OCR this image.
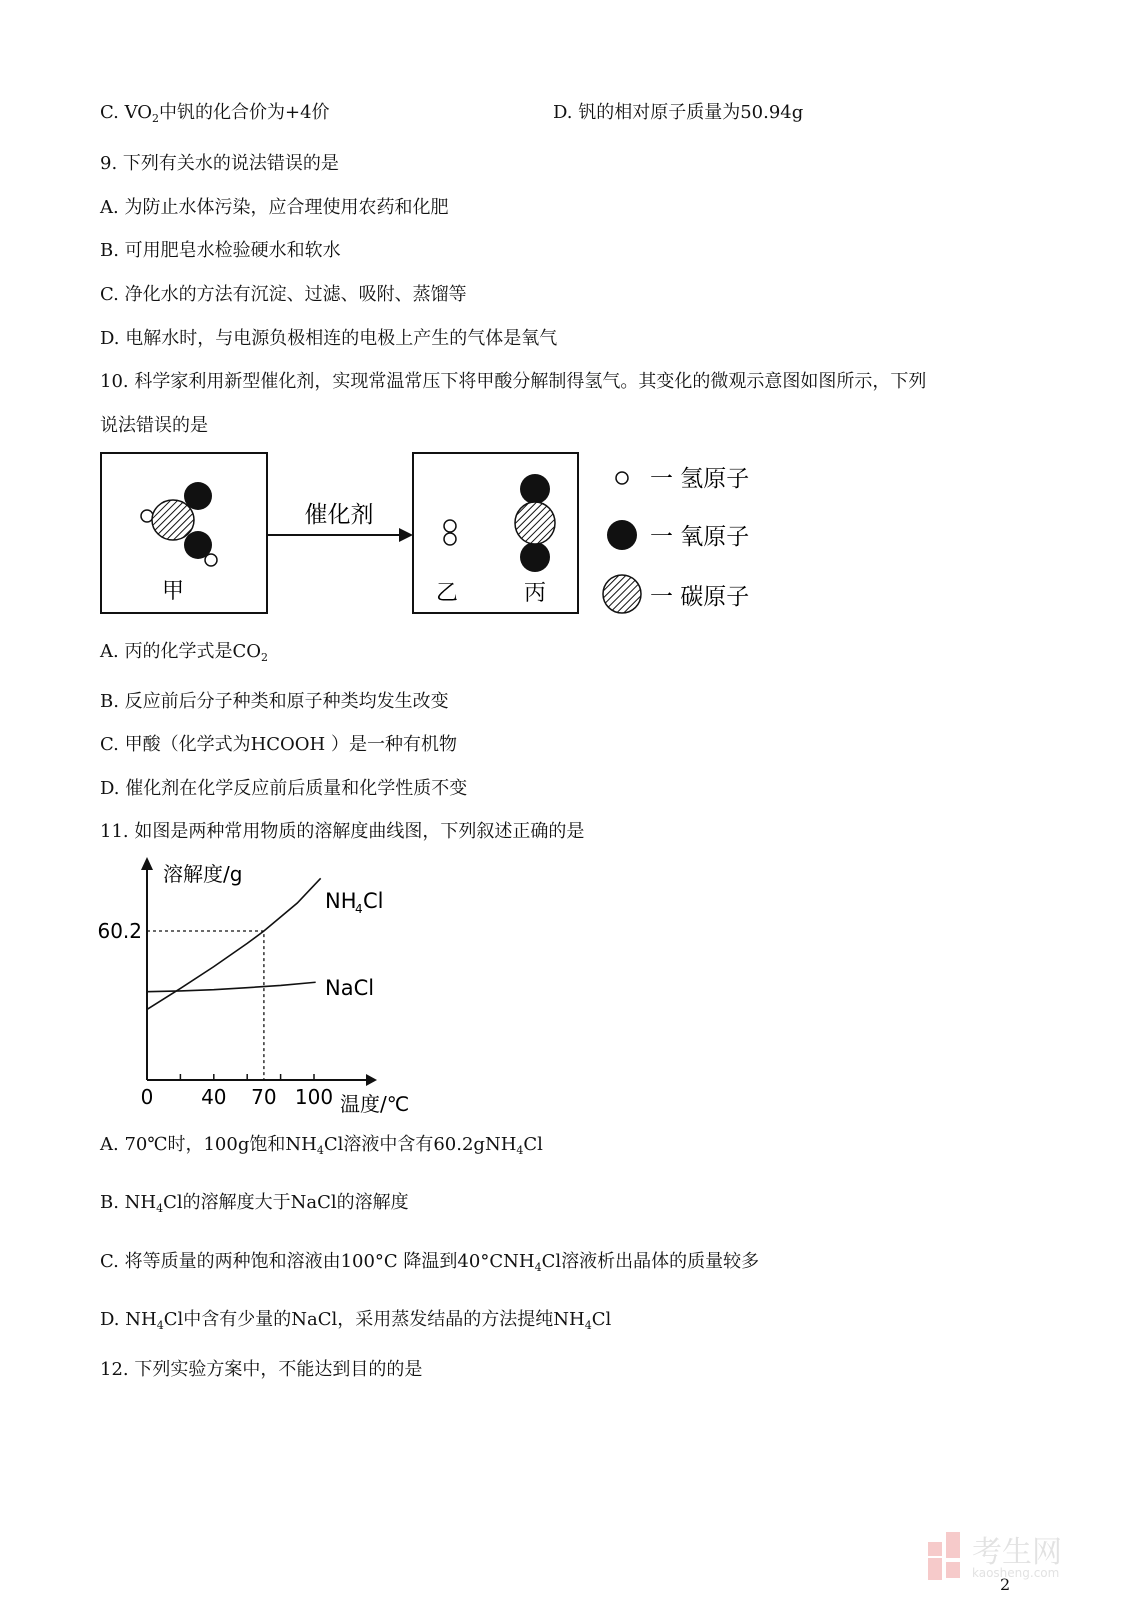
C. $VO_2$中钒的化合价为+4价	D. 钒的相对原子质量为50.94g
9. 下列有关水的说法错误的是
A. 为防止水体污染，应合理使用农药和化肥
B. 可用肥皂水检验硬水和软水
C. 净化水的方法有沉淀、过滤、吸附、蒸馏等
D. 电解水时，与电源负极相连的电极上产生的气体是氧气
10. 科学家利用新型催化剂，实现常温常压下将甲酸分解制得氢气。其变化的微观示意图如图所示，下列
说法错误的是
A. 丙的化学式是$CO_2$
B. 反应前后分子种类和原子种类均发生改变
C. 甲酸（化学式为HCOOH ）是一种有机物
D. 催化剂在化学反应前后质量和化学性质不变
11. 如图是两种常用物质的溶解度曲线图，下列叙述正确的是
A. 70℃时，100g饱和$NH_4Cl$溶液中含有60.2gNH$_4$Cl
B. $NH_4Cl$的溶解度大于NaCl的溶解度
C. 将等质量的两种饱和溶液由100°C 降温到$40^\circ CNH_4Cl$溶液析出晶体的质量较多
D. $NH_4Cl$中含有少量的NaCl，采用蒸发结晶的方法提纯$NH_4Cl$
12. 下列实验方案中，不能达到目的的是
甲
催化剂
乙	丙
一 氢原子
一 氧原子
一 碳原子
0 40 70 100
60.2
溶解度/g
温度/℃
NH
4 Cl
NaCl
考生网
kaosheng.com
2
